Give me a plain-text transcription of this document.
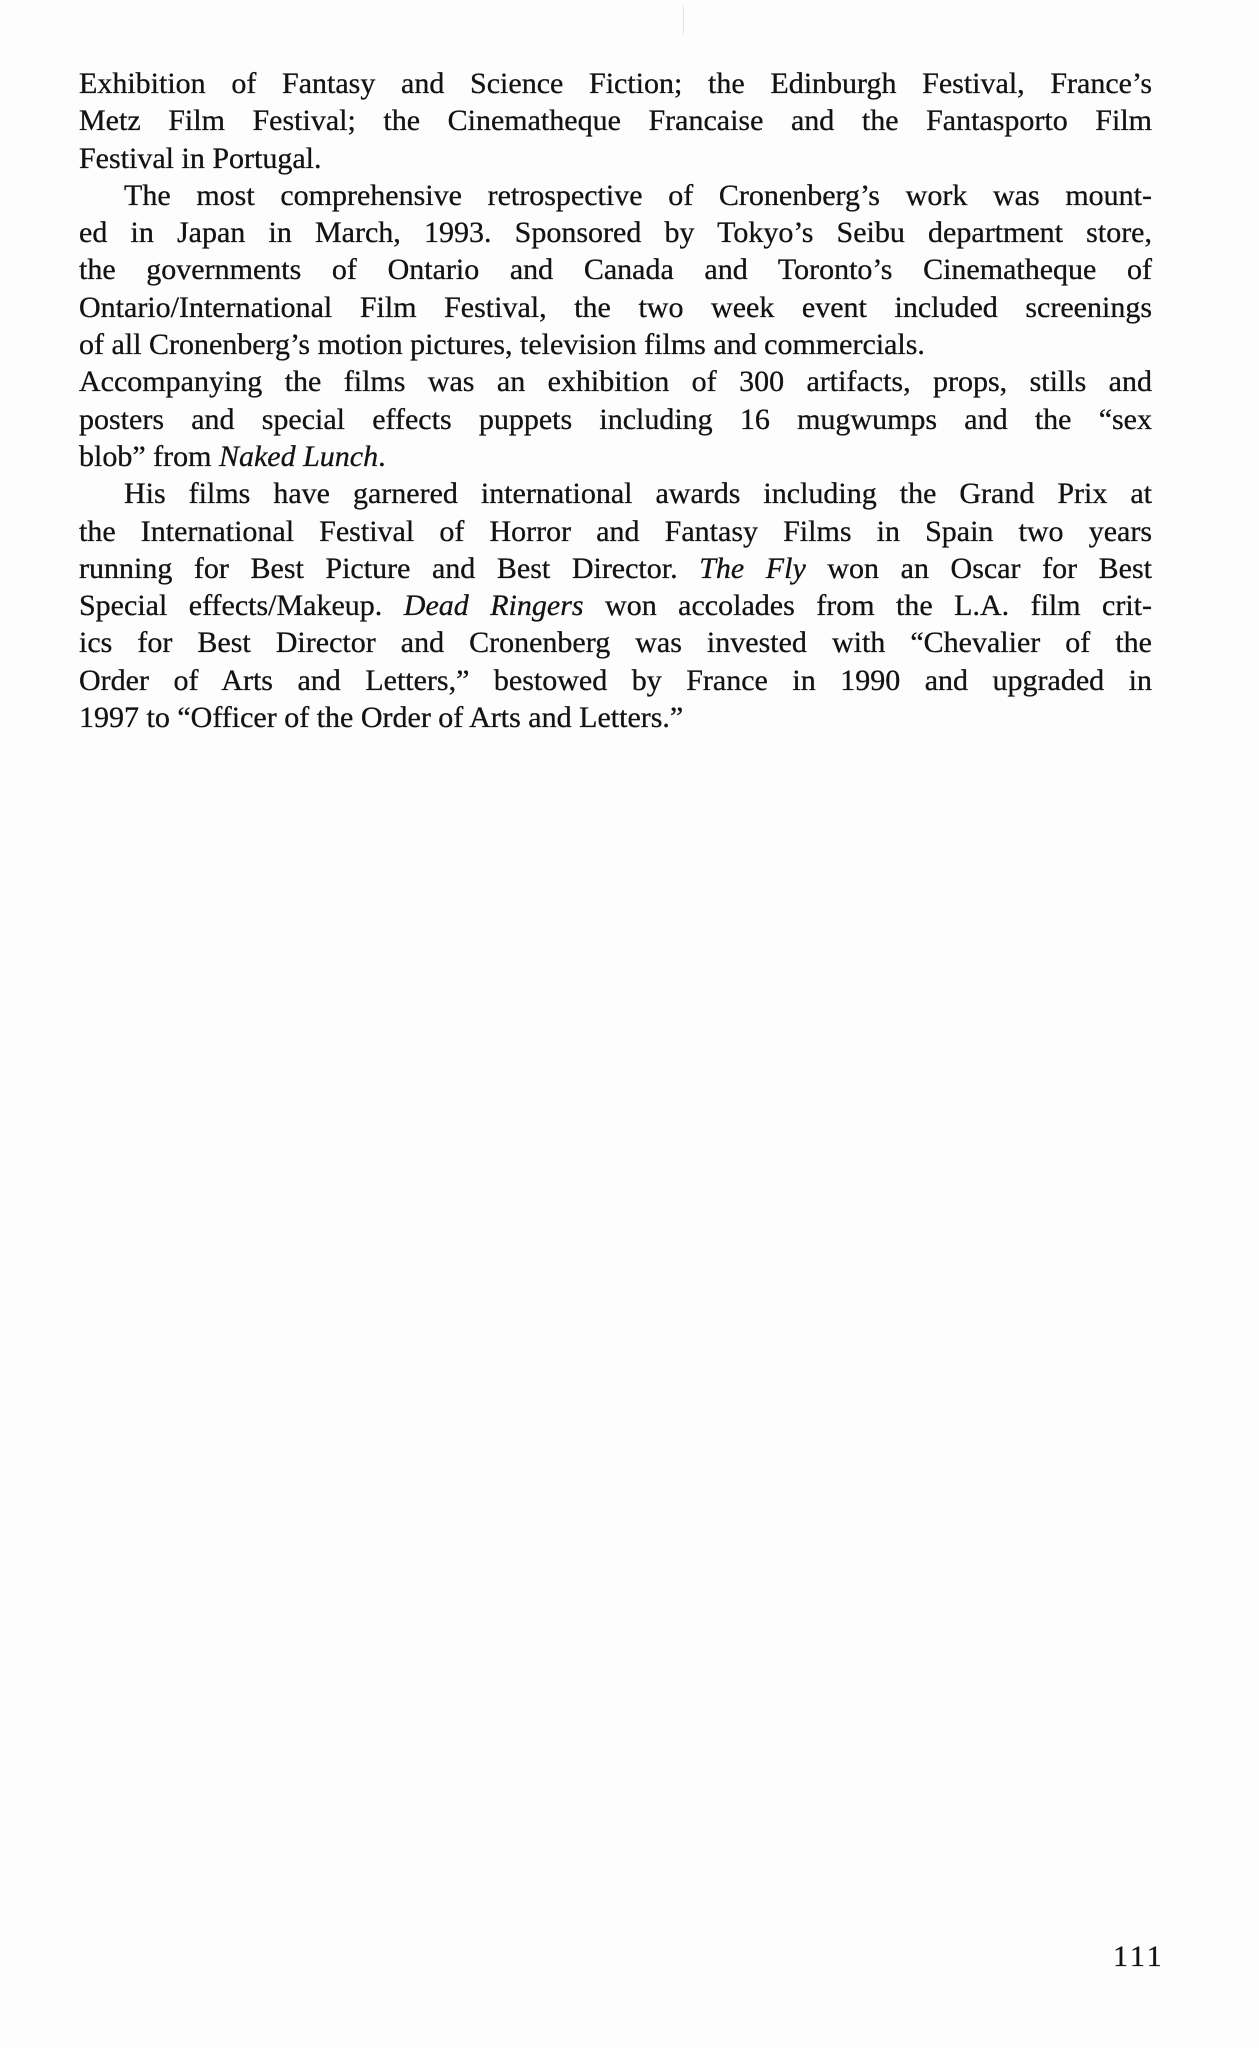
Exhibition of Fantasy and Science Fiction; the Edinburgh Festival, France’s
Metz Film Festival; the Cinematheque Francaise and the Fantasporto Film
Festival in Portugal.
The most comprehensive retrospective of Cronenberg’s work was mount-
ed in Japan in March, 1993. Sponsored by Tokyo’s Seibu department store,
the governments of Ontario and Canada and Toronto’s Cinematheque of
Ontario/International Film Festival, the two week event included screenings
of all Cronenberg’s motion pictures, television films and commercials.
Accompanying the films was an exhibition of 300 artifacts, props, stills and
posters and special effects puppets including 16 mugwumps and the “sex
blob” from Naked Lunch.
His films have garnered international awards including the Grand Prix at
the International Festival of Horror and Fantasy Films in Spain two years
running for Best Picture and Best Director. The Fly won an Oscar for Best
Special effects/Makeup. Dead Ringers won accolades from the L.A. film crit-
ics for Best Director and Cronenberg was invested with “Chevalier of the
Order of Arts and Letters,” bestowed by France in 1990 and upgraded in
1997 to “Officer of the Order of Arts and Letters.”
111
